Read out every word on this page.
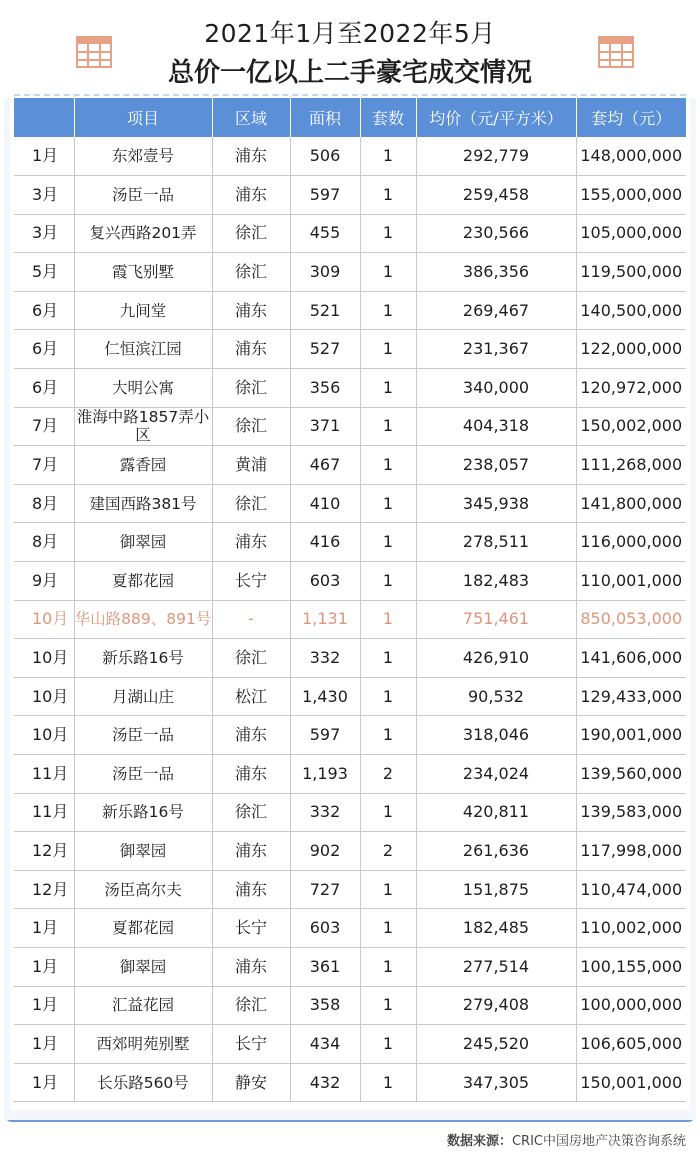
2021年1月至2022年5月
总价一亿以上二手豪宅成交情况
	项目	区域	面积	套数	均价（元/平方米）	套均（元）
1月	东郊壹号	浦东	506	1	292,779	148,000,000
3月	汤臣一品	浦东	597	1	259,458	155,000,000
3月	复兴西路201弄	徐汇	455	1	230,566	105,000,000
5月	霞飞别墅	徐汇	309	1	386,356	119,500,000
6月	九间堂	浦东	521	1	269,467	140,500,000
6月	仁恒滨江园	浦东	527	1	231,367	122,000,000
6月	大明公寓	徐汇	356	1	340,000	120,972,000
7月	淮海中路1857弄小区	徐汇	371	1	404,318	150,002,000
7月	露香园	黄浦	467	1	238,057	111,268,000
8月	建国西路381号	徐汇	410	1	345,938	141,800,000
8月	御翠园	浦东	416	1	278,511	116,000,000
9月	夏都花园	长宁	603	1	182,483	110,001,000
10月	华山路889、891号	-	1,131	1	751,461	850,053,000
10月	新乐路16号	徐汇	332	1	426,910	141,606,000
10月	月湖山庄	松江	1,430	1	90,532	129,433,000
10月	汤臣一品	浦东	597	1	318,046	190,001,000
11月	汤臣一品	浦东	1,193	2	234,024	139,560,000
11月	新乐路16号	徐汇	332	1	420,811	139,583,000
12月	御翠园	浦东	902	2	261,636	117,998,000
12月	汤臣高尔夫	浦东	727	1	151,875	110,474,000
1月	夏都花园	长宁	603	1	182,485	110,002,000
1月	御翠园	浦东	361	1	277,514	100,155,000
1月	汇益花园	徐汇	358	1	279,408	100,000,000
1月	西郊明苑别墅	长宁	434	1	245,520	106,605,000
1月	长乐路560号	静安	432	1	347,305	150,001,000
数据来源：CRIC中国房地产决策咨询系统
